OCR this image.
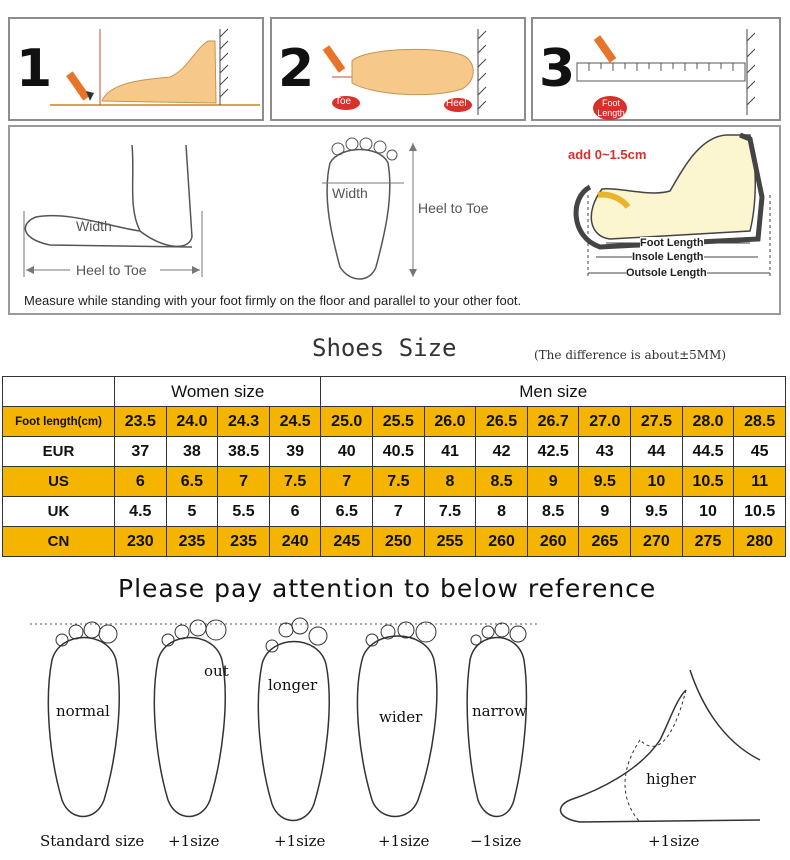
1	2
Toe	Heel
3
Foot Length
Width
Heel to Toe
Width
Heel to Toe
add 0~1.5cm
Foot Length
Insole Length
Outsole Length
Measure while standing with your foot firmly on the floor and parallel to your other foot.
Shoes Size	(The difference is about±5MM)
	Women size				Men size								
Foot length(cm)	23.5	24.0	24.3	24.5	25.0	25.5	26.0	26.5	26.7	27.0	27.5	28.0	28.5
EUR	37	38	38.5	39	40	40.5	41	42	42.5	43	44	44.5	45
US	6	6.5	7	7.5	7	7.5	8	8.5	9	9.5	10	10.5	11
UK	4.5	5	5.5	6	6.5	7	7.5	8	8.5	9	9.5	10	10.5
CN	230	235	235	240	245	250	255	260	260	265	270	275	280
Please pay attention to below reference
normal
out
longer
wider	narrow
higher
Standard size +1size	+1size	+1size	−1size	+1size
